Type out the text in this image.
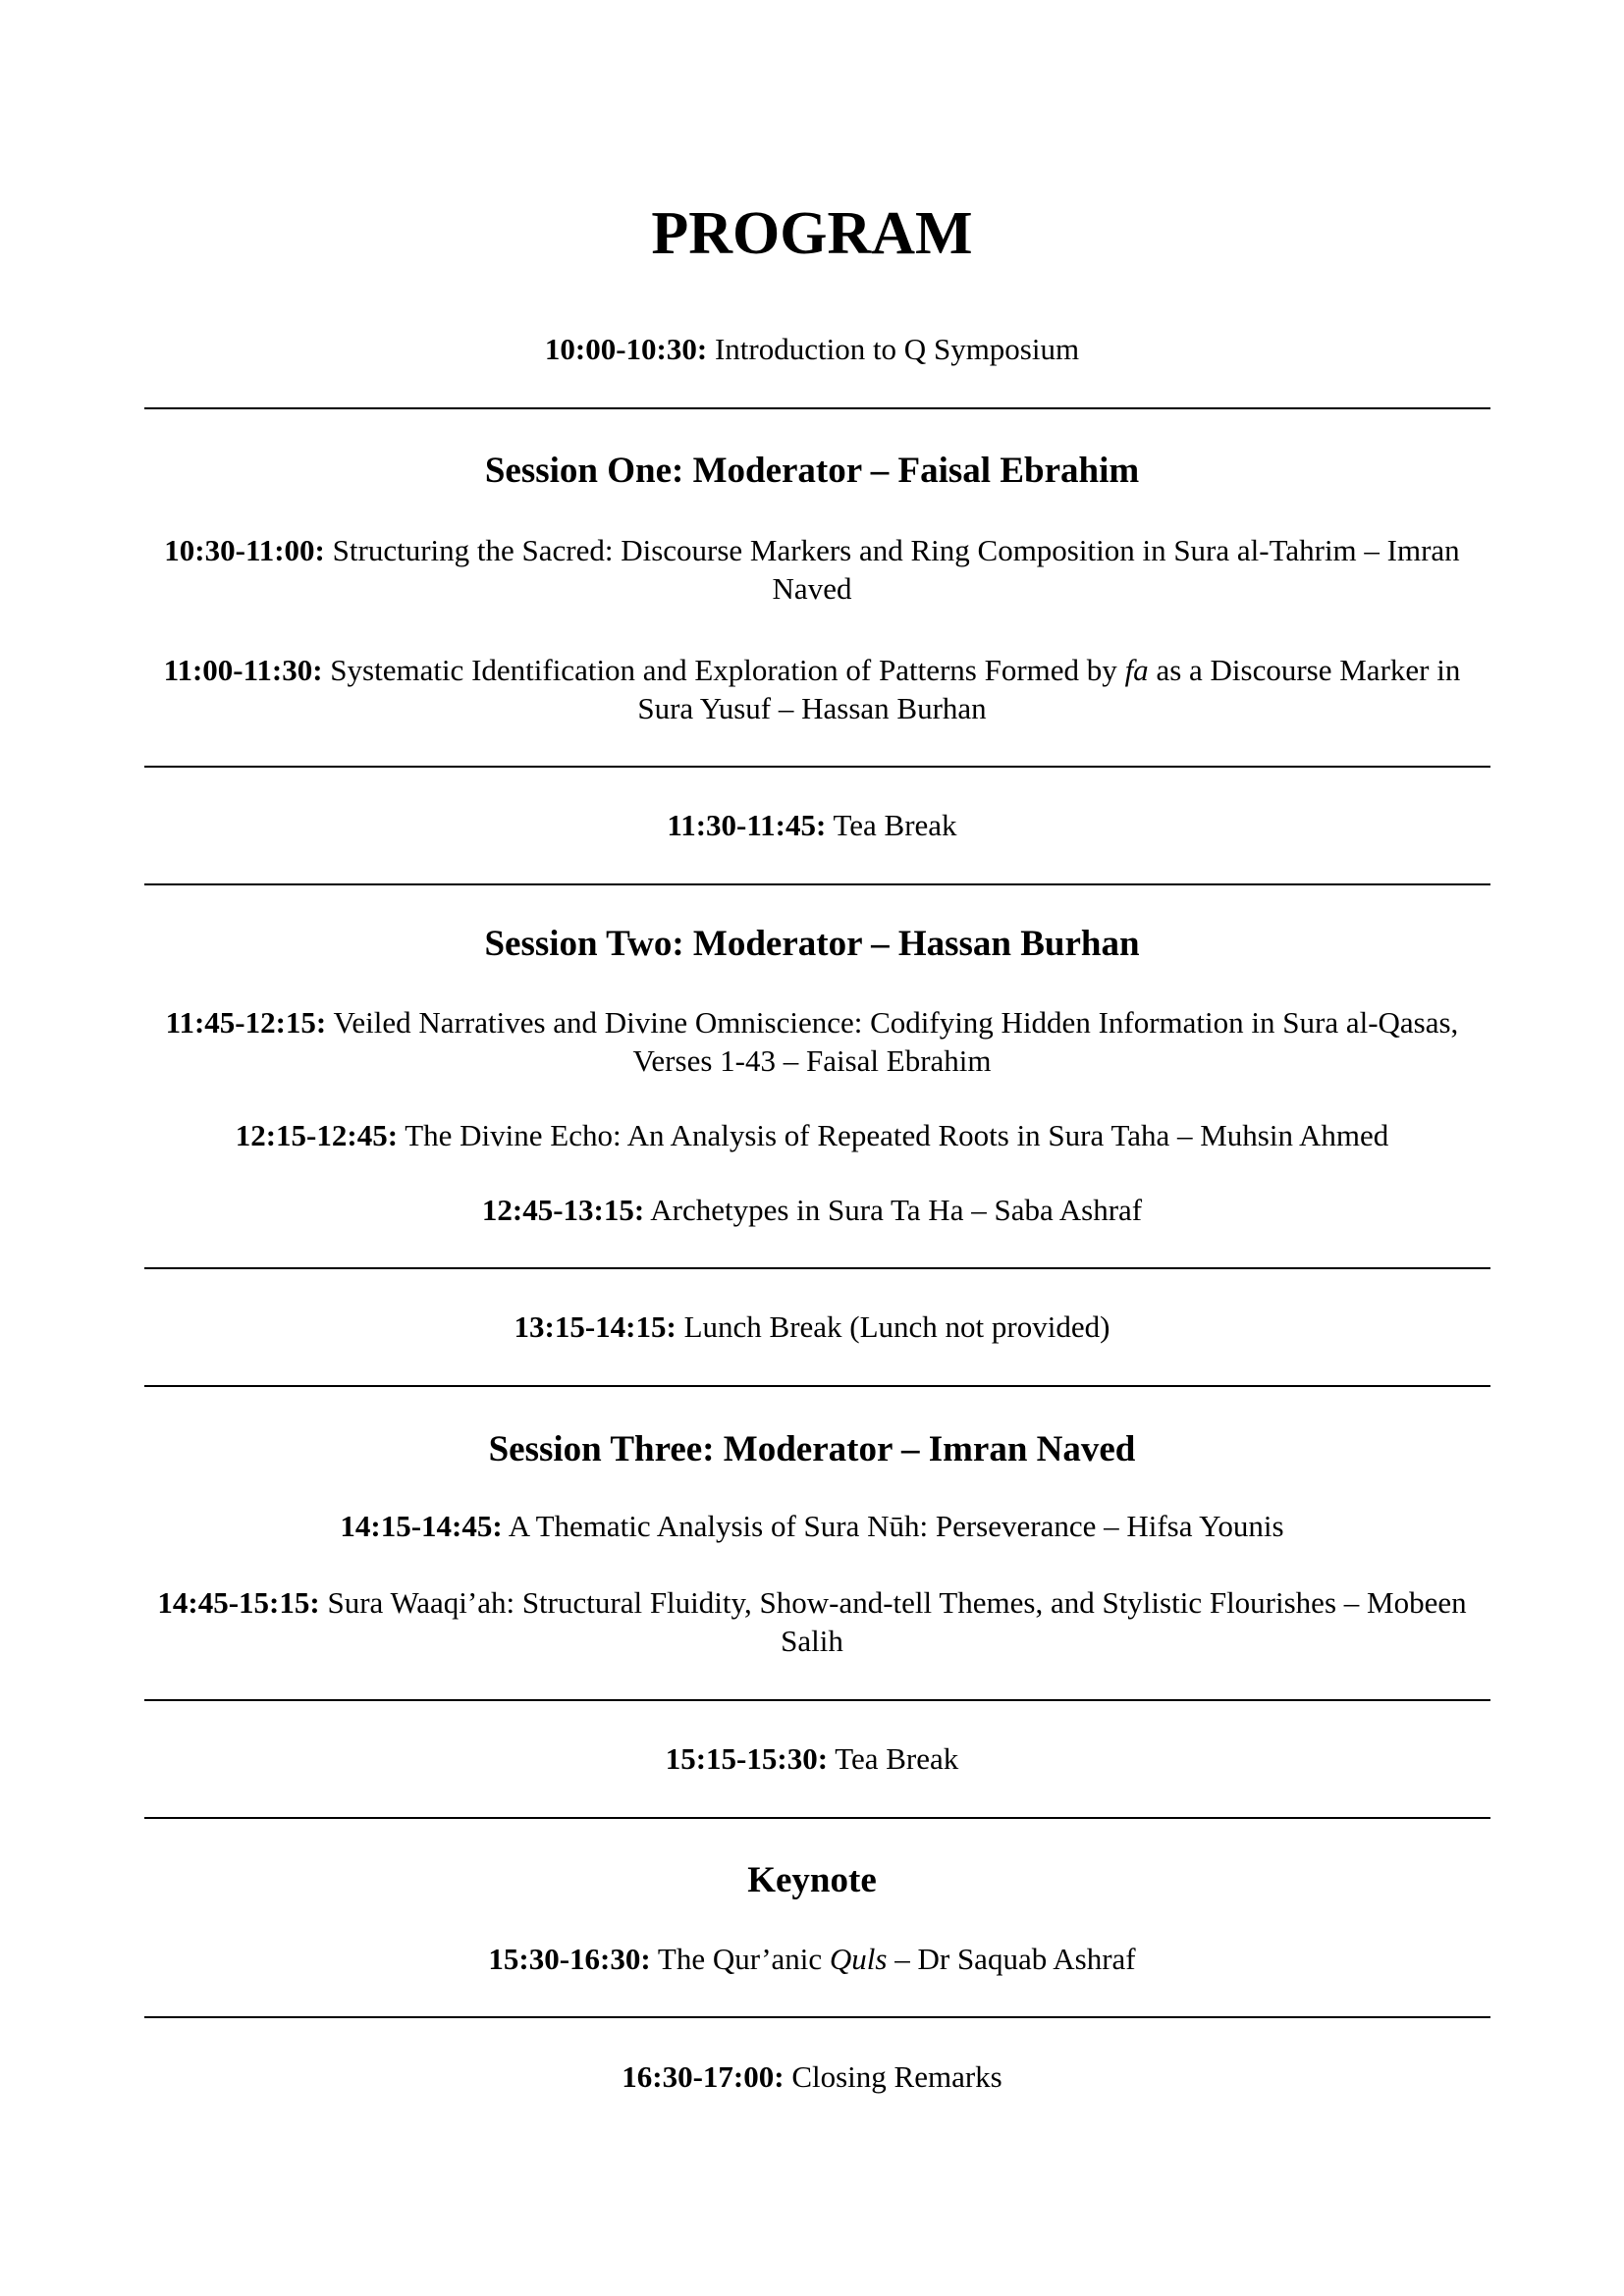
PROGRAM

10:00-10:30: Introduction to Q Symposium

Session One: Moderator – Faisal Ebrahim

10:30-11:00: Structuring the Sacred: Discourse Markers and Ring Composition in Sura al-Tahrim – Imran Naved

11:00-11:30: Systematic Identification and Exploration of Patterns Formed by fa as a Discourse Marker in Sura Yusuf – Hassan Burhan

11:30-11:45: Tea Break

Session Two: Moderator – Hassan Burhan

11:45-12:15: Veiled Narratives and Divine Omniscience: Codifying Hidden Information in Sura al-Qasas, Verses 1-43 – Faisal Ebrahim

12:15-12:45: The Divine Echo: An Analysis of Repeated Roots in Sura Taha – Muhsin Ahmed

12:45-13:15: Archetypes in Sura Ta Ha – Saba Ashraf

13:15-14:15: Lunch Break (Lunch not provided)

Session Three: Moderator – Imran Naved

14:15-14:45: A Thematic Analysis of Sura Nūh: Perseverance – Hifsa Younis

14:45-15:15: Sura Waaqi’ah: Structural Fluidity, Show-and-tell Themes, and Stylistic Flourishes – Mobeen Salih

15:15-15:30: Tea Break

Keynote

15:30-16:30: The Qur’anic Quls – Dr Saquab Ashraf

16:30-17:00: Closing Remarks
